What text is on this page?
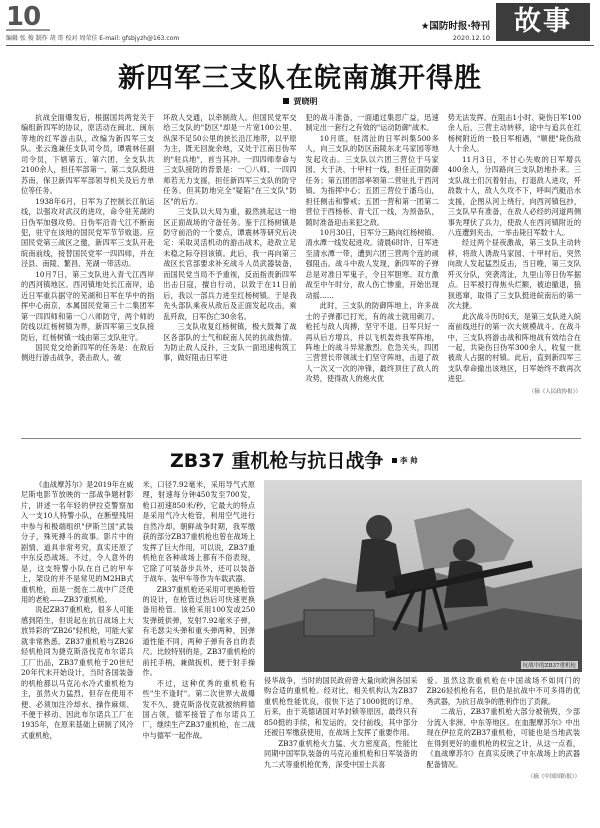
10
编辑 张 俊 制作 胡 哥 校对 周荣佳 E-mail: gfsbjyzh@163.com
★国防时报·特刊
2020.12.10
故事
新四军三支队在皖南旗开得胜
贾晓明

抗战全面爆发后，根据国共两党关于编组新四军的协议，原活动在闽北、闽东等地的红军游击队，改编为新四军三支队。张云逸兼任支队司令员，谭震林任副司令员，下辖第五、第六团，全支队共2100余人，担任军部第一、第二支队挺进苏南，保卫新四军军部领导机关及后方单位等任务。

1938年6月，日军为了控制长江航运线，以强攻对武汉的进攻，命令驻芜湖的日伪军加强攻势。日伪军沿青弋江不断南犯，驻守在该地的国民党军节节败退。应国民党第三战区之邀，新四军三支队开赴皖南前线，接替国民党军一四四师，并在泾县、南陵、繁昌、芜湖一带活动。

10月7日，第三支队进入青弋江西岸的西河镇地区。西河镇地处长江南岸，追近日军重兵据守的芜湖和日军在华中的指挥中心南京，本属国民党第三十二集团军第一四四师和第一〇八师防守，两个师的防线以红杨树镇为界，新四军第三支队接防后，红杨树镇一线由第三支队驻守。

国民党交给新四军的任务是：在敌后侧进行游击战争，袭击敌人，破

坏敌人交通，以牵制敌人。但国民党军交给三支队的"防区"却是一片宽100公里、纵深不足50公里的狭长沿江地带，以平原为主，既无回旋余地，又处于江南日伪军的"驻兵地"，首当其冲。一四四师奉命与三支队接防的背景是：一〇八师、一四四师若无力支援，担任新四军三支队的防守任务。但其防地完全"疑陷"在三支队"防区"的后方。

三支队以大局为重，毅然挑起这一地区正面战场的守备任务。鉴于江杨树镇是防守前沿的一个要点，谭震林等研究后决定：采取灵活机动的游击战术，趁敌立足未稳之际夺回该镇。此后，我一再向第三战区长官部要求补充战斗人员武器装备，而国民党当局不予重视，反而指责新四军出击日寇，擅自行动，以致于在11日前后，我以一部兵力进至红杨树镇。于是我先头部队乘夜从敌后及正面发起攻击，乘乱歼敌，日军伤亡30余名。

三支队收复红杨树镇，极大鼓舞了战区各部队的士气和皖南人民的抗战热情。为防止敌人反扑，三支队一面迅速构筑工事，做好阻击日军进

犯的战斗准备，一面通过集思广益，迅速制定出一套行之有效的"运动防御"战术。

10月底，驻湾沚的日军纠集500多人，向三支队的防区南陵东北马家园等地发起攻击。三支队以六团三营位于马家园、大于决、十甲村一线，担任正面防御任务；第五团团部率领第二营驻扎于西河镇。为指挥中心；五团三营位于潘乌山，担任侧击和警戒；五团一营和第一团第二营位于西杨桥、青弋江一线，为预备队，随时准备迎击来犯之敌。

10月30日，日军分三路向红杨树镇、清水潭一线发起进攻。清晨6时许，日军进至清水潭一带，遭到六团三营两个连的顽强阻击。战斗中敌人发现，新四军的子弹总是对准日军鬼子，令日军胆寒。双方激战至中午时分，敌人伤亡惨重，开始出现动摇……

此时，三支队的防御阵地上，许多战士的子弹都已打光，有的战士就用刺刀、枪托与敌人肉搏，坚守不退。日军只好一再从后方增兵，并以飞机轰炸我军阵地，阵地上的战斗异常激烈。危急关头，四团三营营长带领战士们坚守阵地，击退了敌人一次又一次的冲锋，最终顶住了敌人的攻势，使得敌人的炮火优

势无法发挥。在阻击1小时、毙伤日军100余人后，三营主动转移，途中与追兵在红杨树附近的一股日军相遇，"顺便"毙伤敌人十余人。

11月3日，不甘心失败的日军增兵400余人，分四路向三支队防地扑来。三支队战士们沉着射击，打退敌人进攻，歼敌数十人，敌人久攻不下，呼叫汽艇沿水支援，企图从河上绕行，向西河镇包抄，三支队早有准备，在敌人必经的河道两侧事先埋伏了兵力，使敌人在西河镇附近的八连遭到夹击，一举击毙日军数十人。

经过两个昼夜激战，第三支队主动转移，将敌人诱敌马家园、十甲村后，突然向敌人发起猛烈反击，当日晚，第三支队歼灭分队，突袭湾沚，九里山等日伪军据点。日军被打得焦头烂额，被迫撤退，狼狈逃窜，取得了三支队挺进皖南后的第一次大捷。

此次战斗历时6天，是第三支队进入皖南前线进行的第一次大规模战斗。在战斗中，三支队将游击战和阵地战有效结合在一起，共毙伤日伪军300余人，收复一批被敌人占据的村镇。此后，直到新四军三支队奉命撤出该地区，日军始终不敢再次进犯。

（摘《人民政协报》）
ZB37 重机枪与抗日战争	李 帅

《血战摩苏尔》是2019年在威尼斯电影节放映的一部战争题材影片，讲述一名年轻的伊拉克警察加入一支10人特警小队，在断壁残垣中参与和极端组织"伊斯兰国"武装分子，殊死搏斗的故事。影片中的剧情、道具非常考究，真实还原了中东反恐战场。不过，令人意外的是，这支特警小队在自己的甲车上，架设的并不是常见的M2HB式重机枪，而是一挺在二战中广泛使用的老枪——ZB37重机枪。

说起ZB37重机枪，很多人可能感到陌生，但说起在抗日战场上大放异彩的"ZB26"轻机枪，可能大家就非常熟悉。ZB37重机枪与ZB26轻机枪同为捷克斯洛伐克布尔诺兵工厂出品，ZB37重机枪于20世纪20年代末开始设计，当时各国装备的机枪都以马克沁水冷式重机枪为主，虽然火力猛烈，但存在使用不便、必须加注冷却水、操作麻烦、不便于移动、因此布尔诺兵工厂在1935年，在原来基础上研制了风冷式重机枪，

米，口径7.92毫米，采用导气式原理，射速每分钟450发至700发，枪口初速850米/秒，它最大的特点是采用气冷大枪管，利用空气进行自然冷却。朝鲜战争时期，我军缴获的部分ZB37重机枪也曾在战场上发挥了巨大作用，可以说，ZB37重机枪在各种战场上都有不俗表现，它除了可装备步兵外，还可以装备于战车、装甲车等作为车载武器。

ZB37重机枪还采用可更换枪管的设计，在枪管过热后可快速更换备用枪管。该枪采用100发或250发弹链供弹，发射7.92毫米子弹，有毛瑟尖头弹和重头弹两种，因弹道性能不同，两种子弹有各自的表尺。比较特别的是，ZB37重机枪的前托手柄，兼做扳机，便于射手操作。

不过，这种优秀的重机枪有些"生不逢时"。第二次世界大战爆发不久，捷克斯洛伐克就被纳粹德国占领，德军接管了布尔诺兵工厂，继续生产ZB37重机枪，在二战中与德军一起作战。

抗战中的ZB37重机枪

侵华战争，当时的国民政府曾大量向欧洲各国采购合适的重机枪。经对比，相关机构认为ZB37重机枪性能优良，很快下达了1000挺的订单。后来，由于英德诸国对华封锁等原因，最终只有850挺的手续，和发运的，交付前线，其中部分还被日军缴获使用，在战场上发挥了重要作用。

ZB37重机枪火力猛、火力密度高，性能比同期中国军队装备的马克沁重机枪和日军装备的九二式等重机枪优秀，深受中国士兵喜

爱。虽然这款重机枪在中国战场不如同门的ZB26轻机枪有名，但仍是抗战中不可多得的优秀武器，为抗日战争的胜利作出了贡献。

二战后，ZB37重机枪大部分被销毁，少部分流入非洲、中东等地区。在血腥摩苏尔》中出现在伊拉克的ZB37重机枪，可能也是当地武装在得到更好的重机枪的权宜之计，从这一点看，《血战摩苏尔》在真实反映了中东战场上的武器配备情况。

（摘《中国国防报》）
